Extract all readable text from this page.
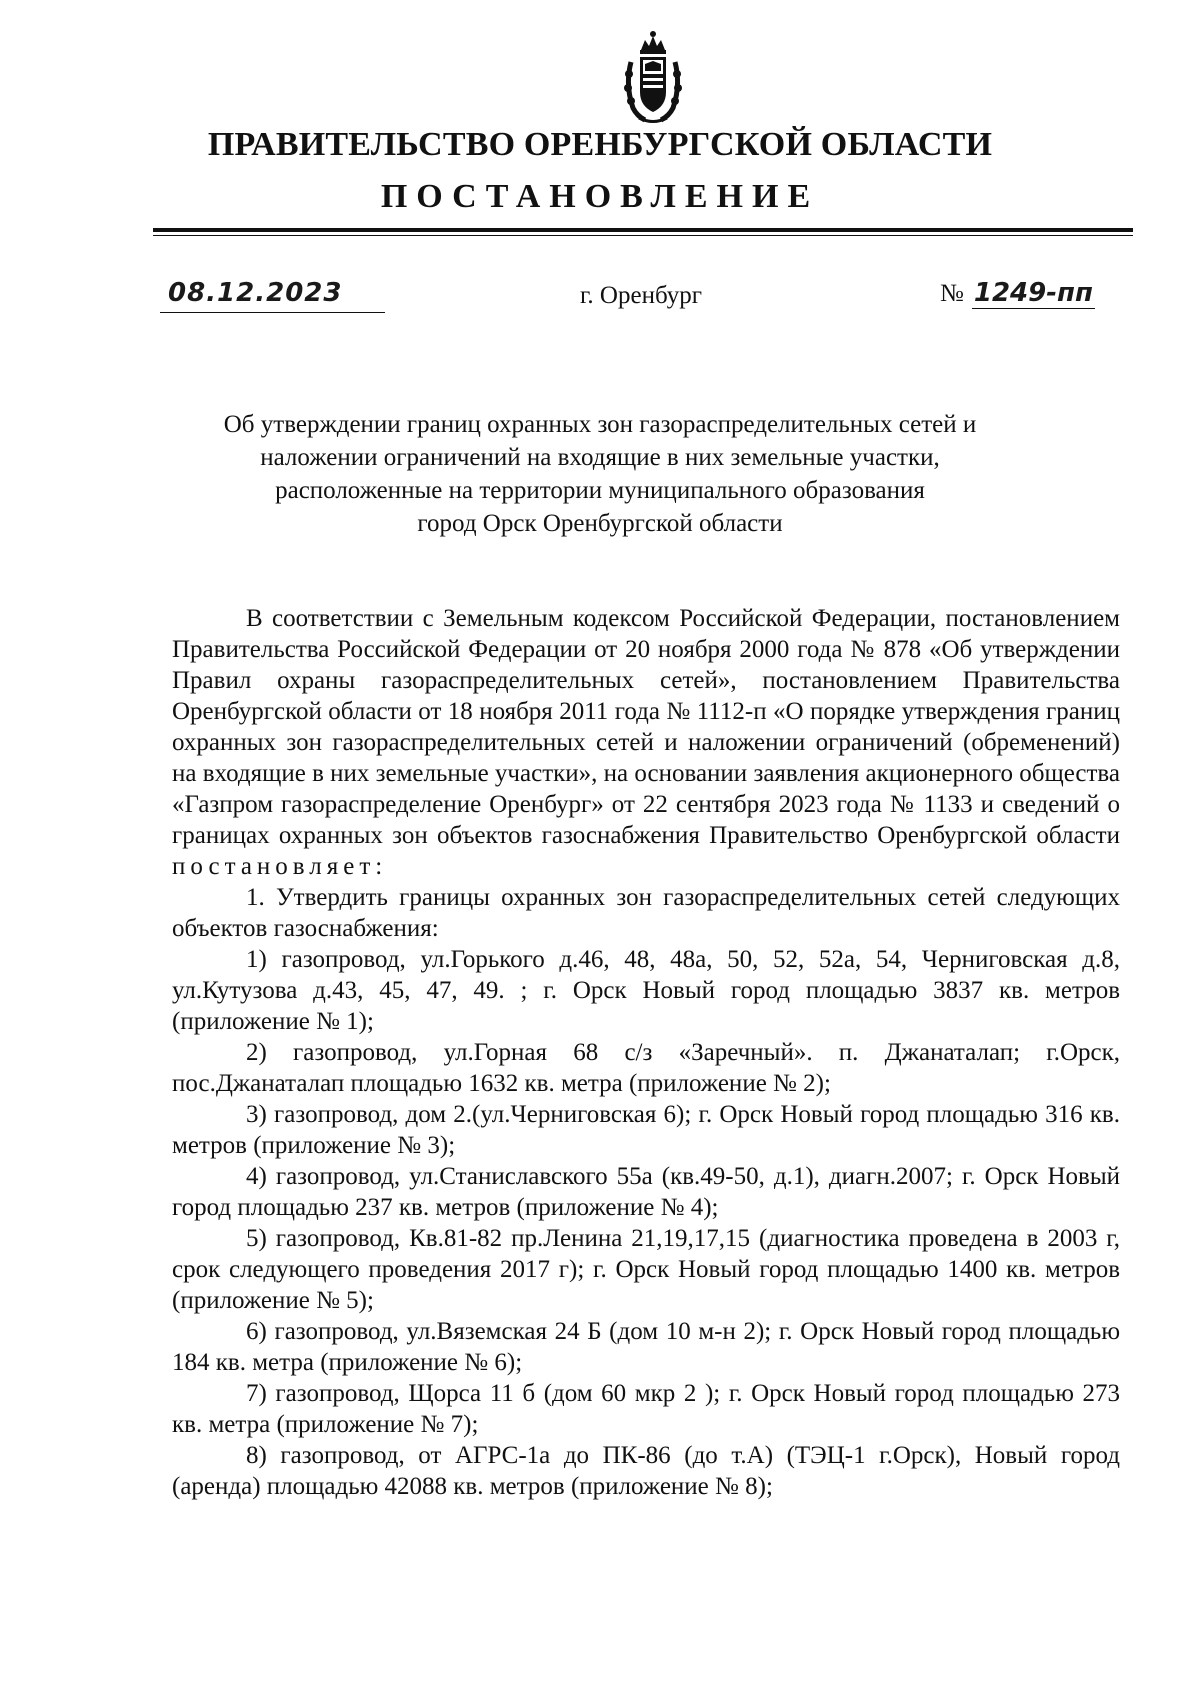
ПРАВИТЕЛЬСТВО ОРЕНБУРГСКОЙ ОБЛАСТИ
ПОСТАНОВЛЕНИЕ
08.12.2023	г. Оренбург	№ 1249-пп
Об утверждении границ охранных зон газораспределительных сетей и
наложении ограничений на входящие в них земельные участки,
расположенные на территории муниципального образования
город Орск Оренбургской области

В соответствии с Земельным кодексом Российской Федерации, постановлением Правительства Российской Федерации от 20 ноября 2000 года № 878 «Об утверждении Правил охраны газораспределительных сетей», постановлением Правительства Оренбургской области от 18 ноября 2011 года № 1112-п «О порядке утверждения границ охранных зон газораспределительных сетей и наложении ограничений (обременений) на входящие в них земельные участки», на основании заявления акционерного общества «Газпром газораспределение Оренбург» от 22 сентября 2023 года № 1133 и сведений о границах охранных зон объектов газоснабжения Правительство Оренбургской области постановляет:

1. Утвердить границы охранных зон газораспределительных сетей следующих объектов газоснабжения:

1) газопровод, ул.Горького д.46, 48, 48а, 50, 52, 52а, 54, Черниговская д.8, ул.Кутузова д.43, 45, 47, 49. ; г. Орск Новый город площадью 3837 кв. метров (приложение № 1);

2) газопровод, ул.Горная 68 с/з «Заречный». п. Джанаталап; г.Орск, пос.Джанаталап площадью 1632 кв. метра (приложение № 2);

3) газопровод, дом 2.(ул.Черниговская 6); г. Орск Новый город площадью 316 кв. метров (приложение № 3);

4) газопровод, ул.Станиславского 55а (кв.49-50, д.1), диагн.2007; г. Орск Новый город площадью 237 кв. метров (приложение № 4);

5) газопровод, Кв.81-82 пр.Ленина 21,19,17,15 (диагностика проведена в 2003 г, срок следующего проведения 2017 г); г. Орск Новый город площадью 1400 кв. метров (приложение № 5);

6) газопровод, ул.Вяземская 24 Б (дом 10 м-н 2); г. Орск Новый город площадью 184 кв. метра (приложение № 6);

7) газопровод, Щорса 11 б (дом 60 мкр 2 ); г. Орск Новый город площадью 273 кв. метра (приложение № 7);

8) газопровод, от АГРС-1а до ПК-86 (до т.А) (ТЭЦ-1 г.Орск), Новый город (аренда) площадью 42088 кв. метров (приложение № 8);
